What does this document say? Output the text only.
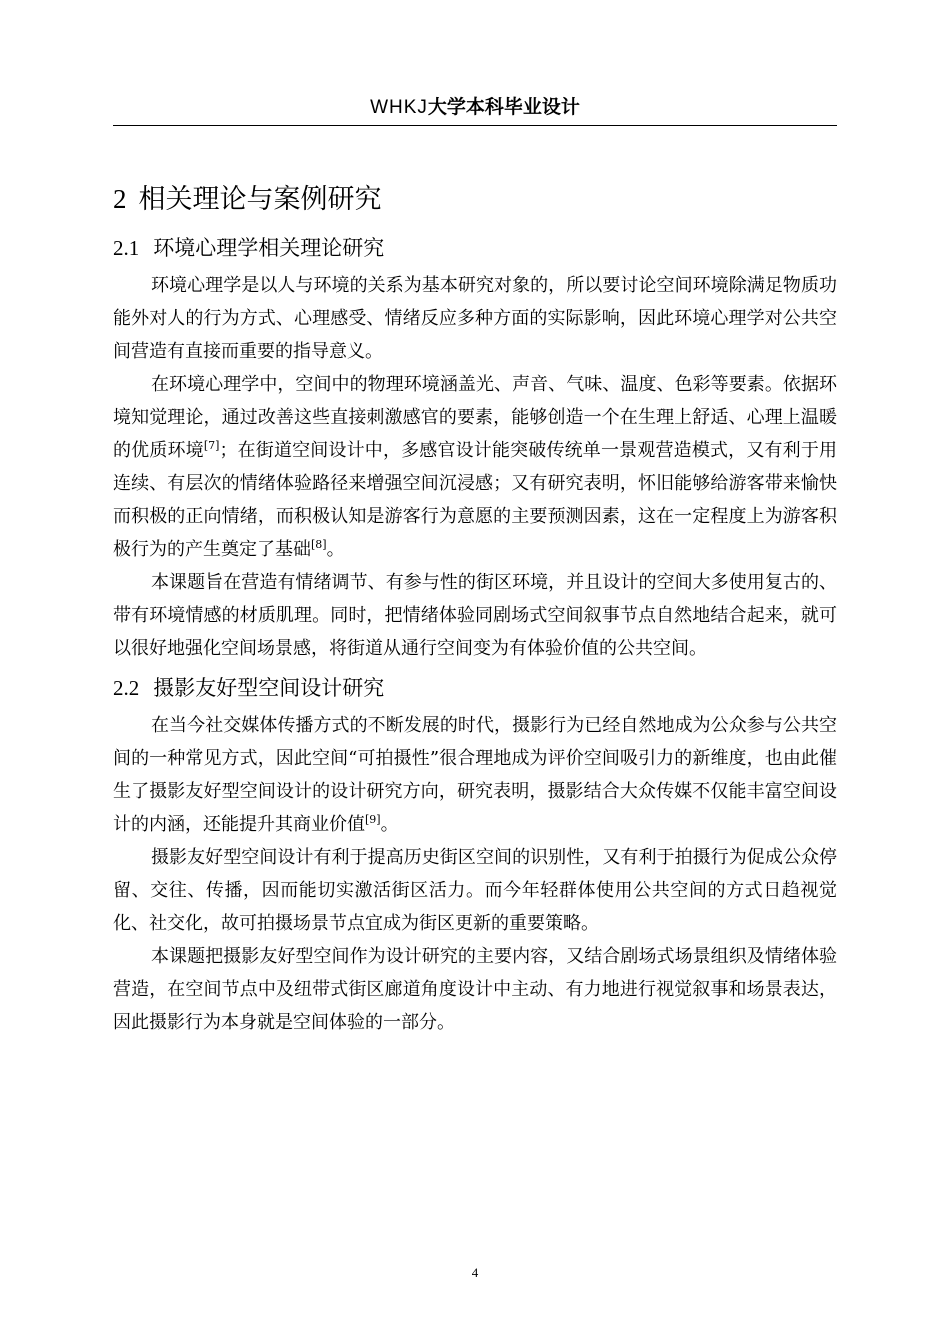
WHKJ大学本科毕业设计
2 相关理论与案例研究
2.1 环境心理学相关理论研究

环境心理学是以人与环境的关系为基本研究对象的，所以要讨论空间环境除满足物质功能外对人的行为方式、心理感受、情绪反应多种方面的实际影响，因此环境心理学对公共空间营造有直接而重要的指导意义。

在环境心理学中，空间中的物理环境涵盖光、声音、气味、温度、色彩等要素。依据环境知觉理论，通过改善这些直接刺激感官的要素，能够创造一个在生理上舒适、心理上温暖的优质环境[7]；在街道空间设计中，多感官设计能突破传统单一景观营造模式，又有利于用连续、有层次的情绪体验路径来增强空间沉浸感；又有研究表明，怀旧能够给游客带来愉快而积极的正向情绪，而积极认知是游客行为意愿的主要预测因素，这在一定程度上为游客积极行为的产生奠定了基础[8]。

本课题旨在营造有情绪调节、有参与性的街区环境，并且设计的空间大多使用复古的、带有环境情感的材质肌理。同时，把情绪体验同剧场式空间叙事节点自然地结合起来，就可以很好地强化空间场景感，将街道从通行空间变为有体验价值的公共空间。

2.2 摄影友好型空间设计研究

在当今社交媒体传播方式的不断发展的时代，摄影行为已经自然地成为公众参与公共空间的一种常见方式，因此空间“可拍摄性”很合理地成为评价空间吸引力的新维度，也由此催生了摄影友好型空间设计的设计研究方向，研究表明，摄影结合大众传媒不仅能丰富空间设计的内涵，还能提升其商业价值[9]。

摄影友好型空间设计有利于提高历史街区空间的识别性，又有利于拍摄行为促成公众停留、交往、传播，因而能切实激活街区活力。而今年轻群体使用公共空间的方式日趋视觉化、社交化，故可拍摄场景节点宜成为街区更新的重要策略。

本课题把摄影友好型空间作为设计研究的主要内容，又结合剧场式场景组织及情绪体验营造，在空间节点中及纽带式街区廊道角度设计中主动、有力地进行视觉叙事和场景表达，因此摄影行为本身就是空间体验的一部分。

4
